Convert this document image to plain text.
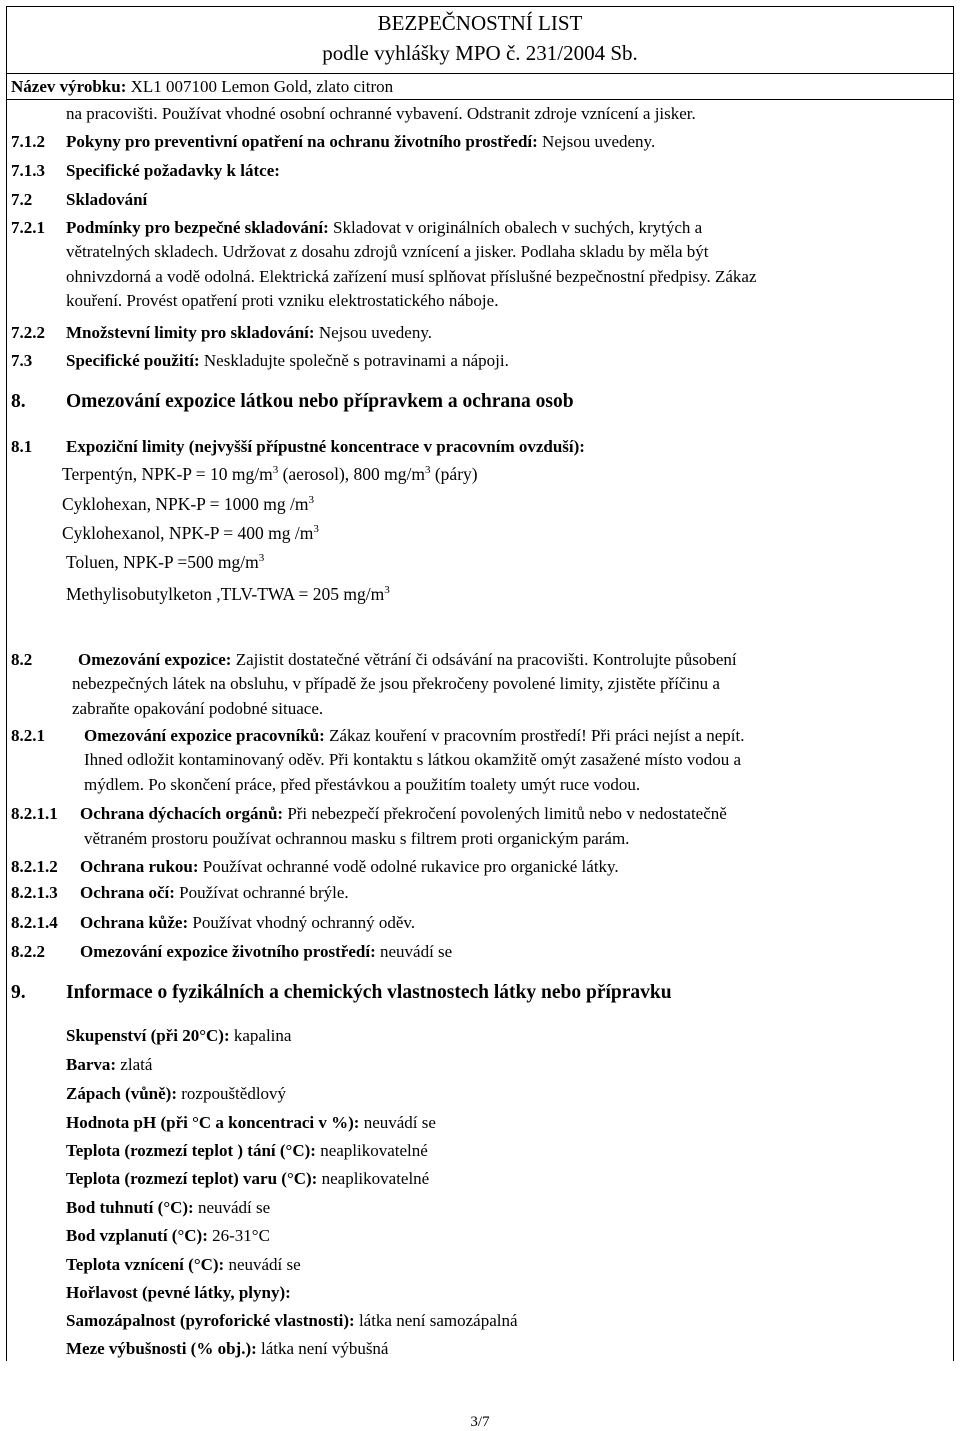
BEZPEČNOSTNÍ LIST
podle vyhlášky MPO č. 231/2004 Sb.
Název výrobku: XL1 007100 Lemon Gold, zlato citron
na pracovišti. Používat vhodné osobní ochranné vybavení. Odstranit zdroje vznícení a jisker.
7.1.2 Pokyny pro preventivní opatření na ochranu životního prostředí: Nejsou uvedeny.
7.1.3 Specifické požadavky k látce:
7.2 Skladování
7.2.1 Podmínky pro bezpečné skladování: Skladovat v originálních obalech v suchých, krytých a
větratelných skladech. Udržovat z dosahu zdrojů vznícení a jisker. Podlaha skladu by měla být
ohnivzdorná a vodě odolná. Elektrická zařízení musí splňovat příslušné bezpečnostní předpisy. Zákaz
kouření. Provést opatření proti vzniku elektrostatického náboje.
7.2.2 Množstevní limity pro skladování: Nejsou uvedeny.
7.3 Specifické použití: Neskladujte společně s potravinami a nápoji.
8. Omezování expozice látkou nebo přípravkem a ochrana osob
8.1 Expoziční limity (nejvyšší přípustné koncentrace v pracovním ovzduší):
Terpentýn, NPK-P = 10 $mg/m^3$ (aerosol), 800 $mg/m^3$ (páry)
Cyklohexan, NPK-P = 1000 mg $/m^3$
Cyklohexanol, NPK-P = 400 mg $/m^3$
Toluen, NPK-P =500 $mg/m^3$
Methylisobutylketon ,TLV-TWA = 205 $mg/m^3$
8.2	Omezování expozice: Zajistit dostatečné větrání či odsávání na pracovišti. Kontrolujte působení
nebezpečných látek na obsluhu, v případě že jsou překročeny povolené limity, zjistěte příčinu a
zabraňte opakování podobné situace.
8.2.1 Omezování expozice pracovníků: Zákaz kouření v pracovním prostředí! Při práci nejíst a nepít.
Ihned odložit kontaminovaný oděv. Při kontaktu s látkou okamžitě omýt zasažené místo vodou a
mýdlem. Po skončení práce, před přestávkou a použitím toalety umýt ruce vodou.
8.2.1.1 Ochrana dýchacích orgánů: Při nebezpečí překročení povolených limitů nebo v nedostatečně
větraném prostoru používat ochrannou masku s filtrem proti organickým parám.
8.2.1.2 Ochrana rukou: Používat ochranné vodě odolné rukavice pro organické látky.
8.2.1.3 Ochrana očí: Používat ochranné brýle.
8.2.1.4 Ochrana kůže: Používat vhodný ochranný oděv.
8.2.2 Omezování expozice životního prostředí: neuvádí se
9. Informace o fyzikálních a chemických vlastnostech látky nebo přípravku
Skupenství (při 20°C): kapalina
Barva: zlatá
Zápach (vůně): rozpouštědlový
Hodnota pH (při °C a koncentraci v %): neuvádí se
Teplota (rozmezí teplot ) tání (°C): neaplikovatelné
Teplota (rozmezí teplot) varu (°C): neaplikovatelné
Bod tuhnutí (°C): neuvádí se
Bod vzplanutí (°C): 26-31°C
Teplota vznícení (°C): neuvádí se
Hořlavost (pevné látky, plyny):
Samozápalnost (pyroforické vlastnosti): látka není samozápalná
Meze výbušnosti (% obj.): látka není výbušná
3/7
